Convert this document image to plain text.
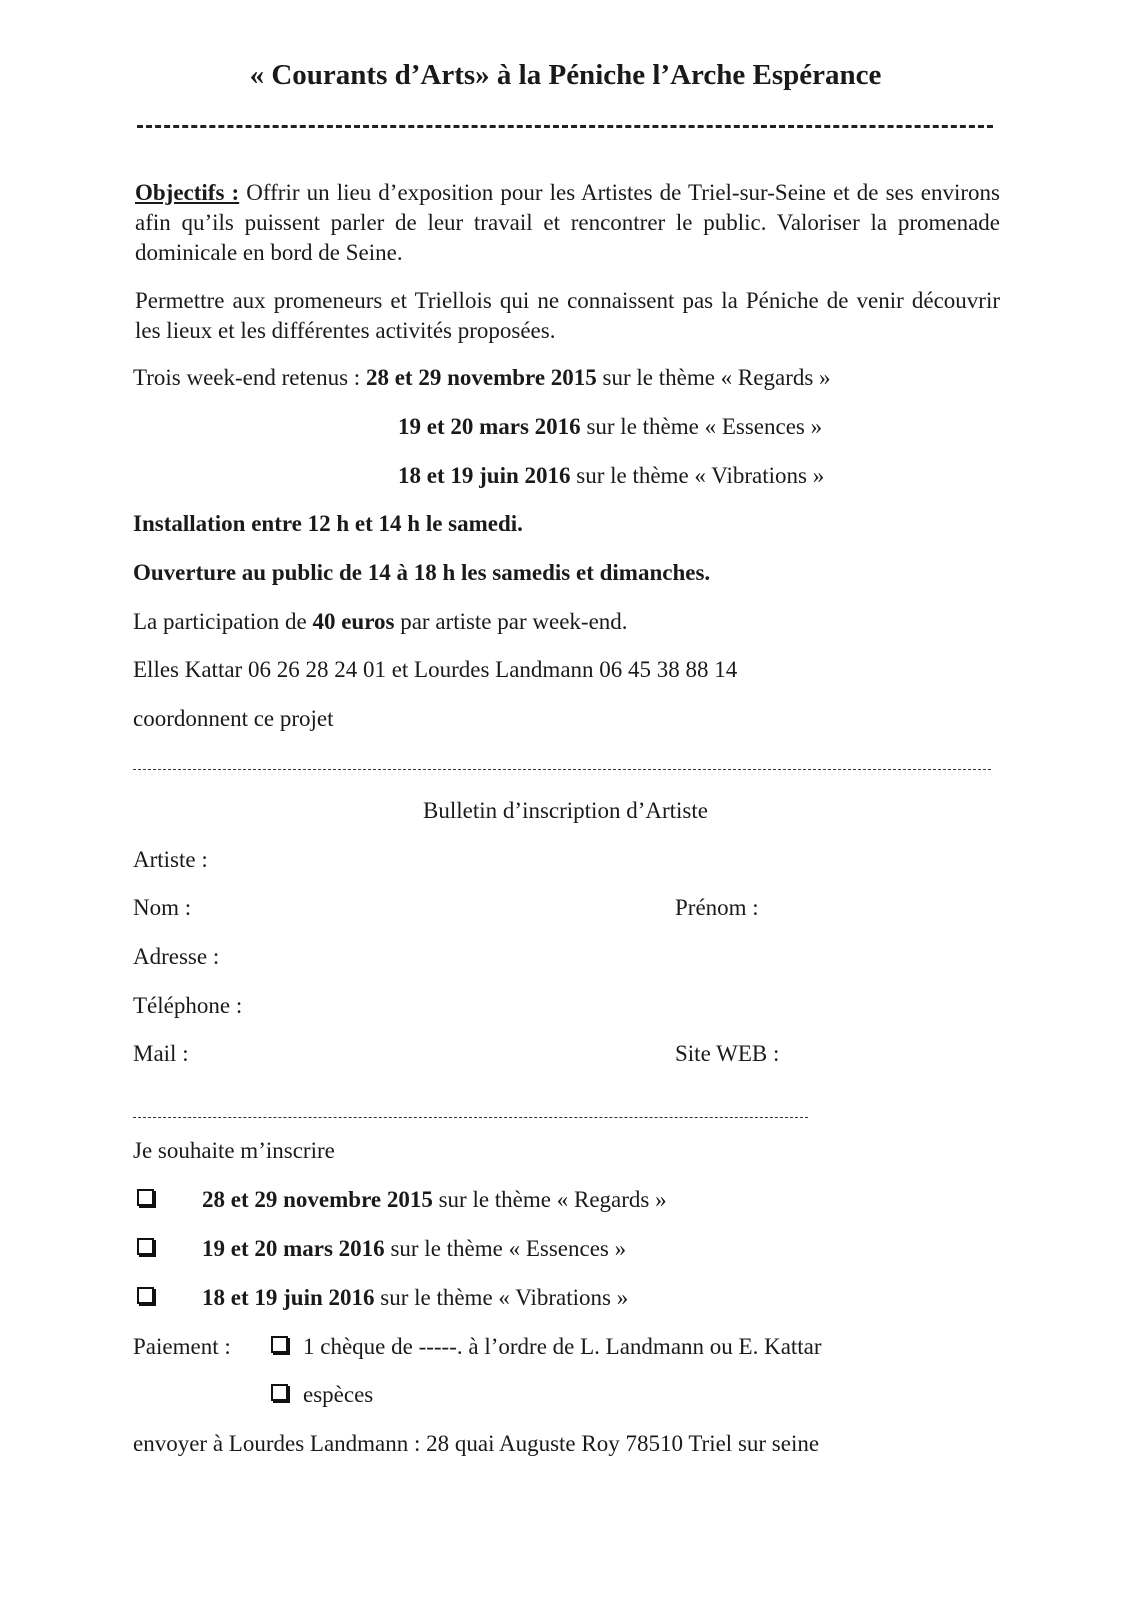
« Courants d’Arts» à la Péniche l’Arche Espérance
Objectifs : Offrir un lieu d’exposition pour les Artistes de Triel-sur-Seine et de ses environs afin qu’ils puissent parler de leur travail et rencontrer le public. Valoriser la promenade dominicale en bord de Seine.
Permettre aux promeneurs et Triellois qui ne connaissent pas la Péniche de venir découvrir les lieux et les différentes activités proposées.
Trois week-end retenus : 28 et 29 novembre 2015 sur le thème « Regards »
19 et 20 mars 2016 sur le thème « Essences »
18 et 19 juin 2016 sur le thème « Vibrations »
Installation entre 12 h et 14 h le samedi.
Ouverture au public de 14 à 18 h les samedis et dimanches.
La participation de 40 euros par artiste par week-end.
Elles Kattar 06 26 28 24 01 et Lourdes Landmann 06 45 38 88 14
coordonnent ce projet
Bulletin d’inscription d’Artiste
Artiste :
Nom :	Prénom :
Adresse :
Téléphone :
Mail :	Site WEB :
Je souhaite m’inscrire
28 et 29 novembre 2015 sur le thème « Regards »
19 et 20 mars 2016 sur le thème « Essences »
18 et 19 juin 2016 sur le thème « Vibrations »
Paiement :	1 chèque de -----. à l’ordre de L. Landmann ou E. Kattar
espèces
envoyer à Lourdes Landmann : 28 quai Auguste Roy 78510 Triel sur seine
